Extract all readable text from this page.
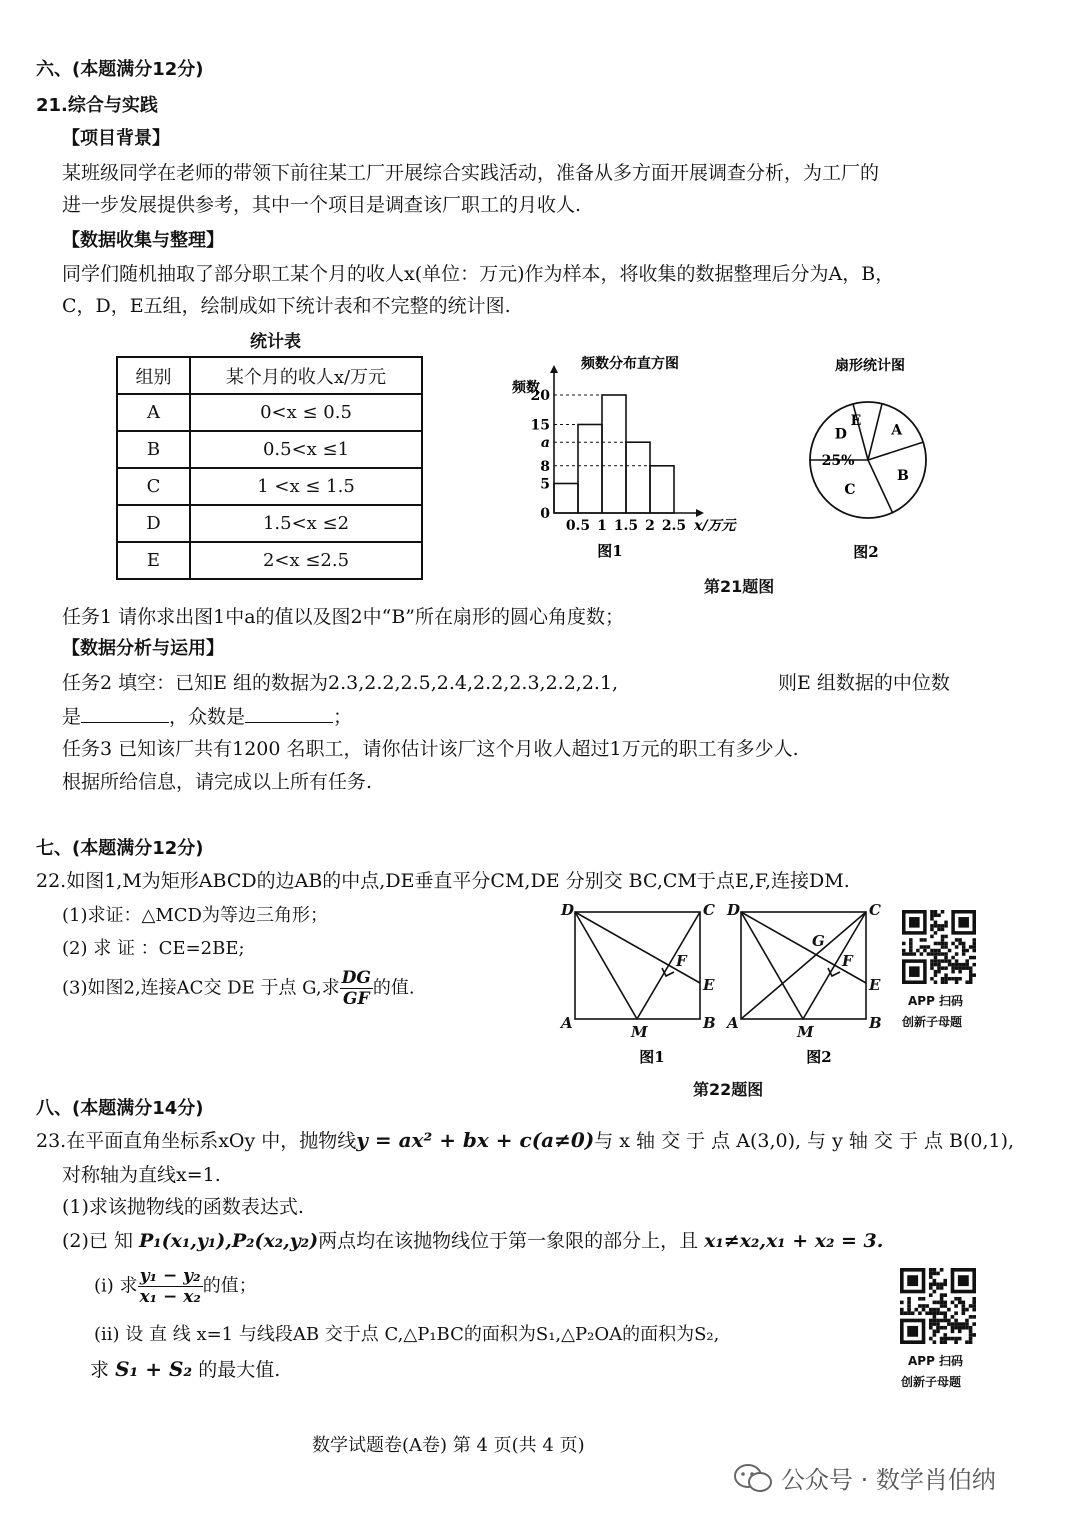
六、(本题满分12分)
21.综合与实践
【项目背景】
某班级同学在老师的带领下前往某工厂开展综合实践活动，准备从多方面开展调查分析，为工厂的
进一步发展提供参考，其中一个项目是调查该厂职工的月收人.
【数据收集与整理】
同学们随机抽取了部分职工某个月的收人x(单位：万元)作为样本，将收集的数据整理后分为A，B，
C，D，E五组，绘制成如下统计表和不完整的统计图.
统计表
组别	某个月的收人x/万元
A	0<x ≤ 0.5
B	0.5<x ≤1
C	1 <x ≤ 1.5
D	1.5<x ≤2
E	2<x ≤2.5
频数分布直方图
频数
0
5
8
a
15
20
0.5 1 1.5 2 2.5 x/万元
图1
扇形统计图
A
B
C
D
E
25%
图2
第21题图
任务1 请你求出图1中a的值以及图2中“B”所在扇形的圆心角度数；
【数据分析与运用】
任务2 填空：已知E 组的数据为2.3,2.2,2.5,2.4,2.2,2.3,2.2,2.1,	则E 组数据的中位数
是	，众数是	；
任务3 已知该厂共有1200 名职工，请你估计该厂这个月收人超过1万元的职工有多少人.
根据所给信息，请完成以上所有任务.
七、(本题满分12分)
22.如图1,M为矩形ABCD的边AB的中点,DE垂直平分CM,DE 分别交 BC,CM于点E,F,连接DM.
(1)求证：△MCD为等边三角形；
(2) 求 证 ：CE=2BE;
(3)如图2,连接AC交 DE 于点 G,求 $\frac{DG}{GF}$ 的值.
D	C
A	B
M
E
F
D	C
A	B
M
E
F
G
图1	图2
第22题图
APP 扫码
创新子母题
八、(本题满分14分)
23.在平面直角坐标系xOy 中，抛物线y = ax² + bx + c(a≠0)与 x 轴 交 于 点 A(3,0), 与 y 轴 交 于 点 B(0,1),
对称轴为直线x=1.
(1)求该抛物线的函数表达式.
(2)已 知 P₁(x₁,y₁),P₂(x₂,y₂)两点均在该抛物线位于第一象限的部分上，且 x₁≠x₂,x₁ + x₂ = 3.
(i) 求 $\frac{\text{y₁ − y₂}}{\text{x₁ − x₂}}$ 的值；
(ii) 设 直 线 x=1 与线段AB 交于点 C,△P₁BC的面积为S₁,△P₂OA的面积为S₂,
求 S₁ + S₂ 的最大值.	APP 扫码
创新子母题
数学试题卷(A卷) 第 4 页(共 4 页)
公众号 · 数学肖伯纳
